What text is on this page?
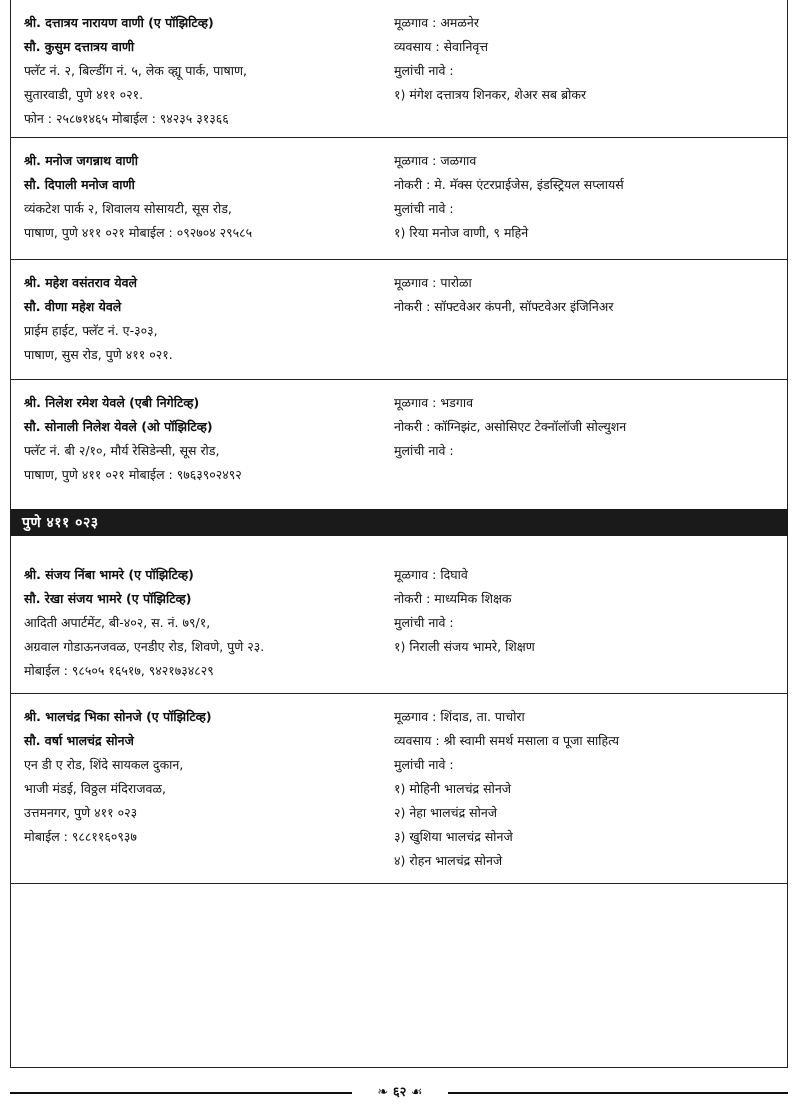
श्री. दत्तात्रय नारायण वाणी (ए पॉझिटिव्ह)
सौ. कुसुम दत्तात्रय वाणी
फ्लॅट नं. २, बिल्डींग नं. ५, लेक व्ह्यू पार्क, पाषाण,
सुतारवाडी, पुणे ४११ ०२१.
फोन : २५८७१४६५ मोबाईल : ९४२३५ ३१३६६
मूळगाव : अमळनेर
व्यवसाय : सेवानिवृत्त
मुलांची नावे :
१) मंगेश दत्तात्रय शिनकर, शेअर सब ब्रोकर
श्री. मनोज जगन्नाथ वाणी
सौ. दिपाली मनोज वाणी
व्यंकटेश पार्क २, शिवालय सोसायटी, सूस रोड,
पाषाण, पुणे ४११ ०२१ मोबाईल : ०९२७०४ २९५८५
मूळगाव : जळगाव
नोकरी : मे. मॅक्स एंटरप्राईजेस, इंडस्ट्रियल सप्लायर्स
मुलांची नावे :
१) रिया मनोज वाणी, ९ महिने
श्री. महेश वसंतराव येवले
सौ. वीणा महेश येवले
प्राईम हाईट, फ्लॅट नं. ए-३०३,
पाषाण, सुस रोड, पुणे ४११ ०२१.
मूळगाव : पारोळा
नोकरी : सॉफ्टवेअर कंपनी, सॉफ्टवेअर इंजिनिअर
श्री. निलेश रमेश येवले (एबी निगेटिव्ह)
सौ. सोनाली निलेश येवले (ओ पॉझिटिव्ह)
फ्लॅट नं. बी २/१०, मौर्य रेसिडेन्सी, सूस रोड,
पाषाण, पुणे ४११ ०२१ मोबाईल : ९७६३९०२४९२
मूळगाव : भडगाव
नोकरी : कॉग्निझंट, असोसिएट टेक्नॉलॉजी सोल्युशन
मुलांची नावे :
पुणे ४११ ०२३
श्री. संजय निंबा भामरे (ए पॉझिटिव्ह)
सौ. रेखा संजय भामरे (ए पॉझिटिव्ह)
आदिती अपार्टमेंट, बी-४०२, स. नं. ७९/१,
अग्रवाल गोडाऊनजवळ, एनडीए रोड, शिवणे, पुणे २३.
मोबाईल : ९८५०५ १६५१७, ९४२१७३४८२९
मूळगाव : दिघावे
नोकरी : माध्यमिक शिक्षक
मुलांची नावे :
१) निराली संजय भामरे, शिक्षण
श्री. भालचंद्र भिका सोनजे (ए पॉझिटिव्ह)
सौ. वर्षा भालचंद्र सोनजे
एन डी ए रोड, शिंदे सायकल दुकान,
भाजी मंडई, विठ्ठल मंदिराजवळ,
उत्तमनगर, पुणे ४११ ०२३
मोबाईल : ९८८११६०९३७
मूळगाव : शिंदाड, ता. पाचोरा
व्यवसाय : श्री स्वामी समर्थ मसाला व पूजा साहित्य
मुलांची नावे :
१) मोहिनी भालचंद्र सोनजे
२) नेहा भालचंद्र सोनजे
३) खुशिया भालचंद्र सोनजे
४) रोहन भालचंद्र सोनजे
❧ ६२ ☙
